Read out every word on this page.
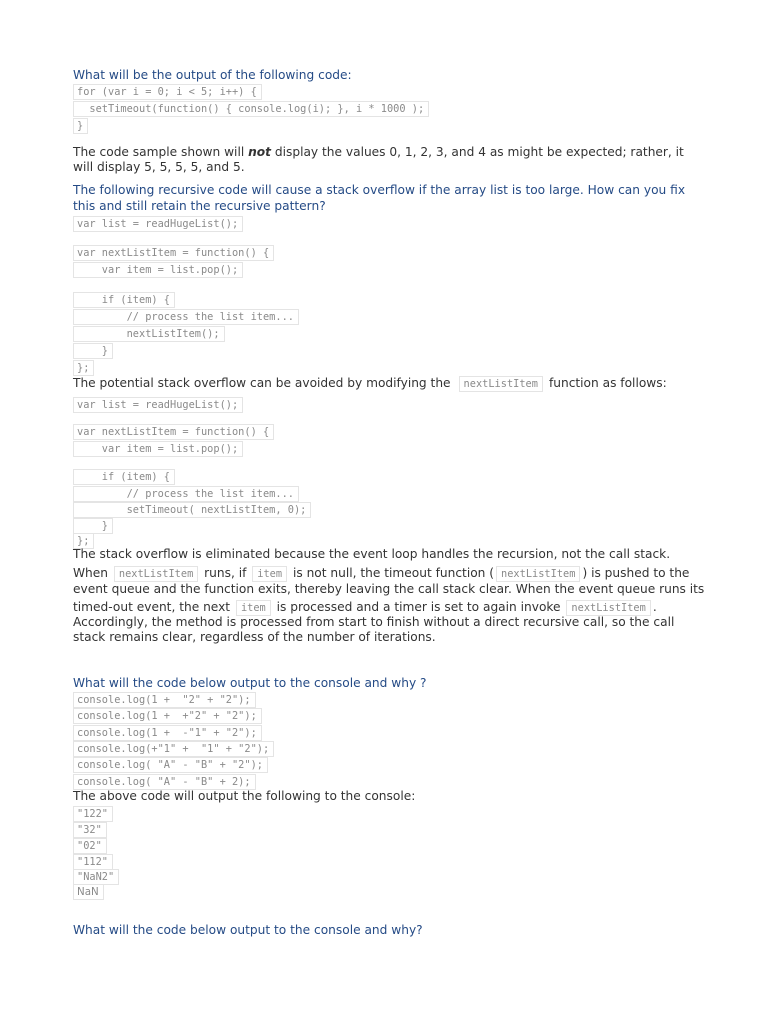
What will be the output of the following code:
for (var i = 0; i < 5; i++) {
setTimeout(function() { console.log(i); }, i * 1000 );
}
The code sample shown will not display the values 0, 1, 2, 3, and 4 as might be expected; rather, it will display 5, 5, 5, 5, and 5.
The following recursive code will cause a stack overflow if the array list is too large. How can you fix this and still retain the recursive pattern?
var list = readHugeList();
var nextListItem = function() {
var item = list.pop();
if (item) {
// process the list item...
nextListItem();
}
};
The potential stack overflow can be avoided by modifying the nextListItem function as follows:
var list = readHugeList();
var nextListItem = function() {
var item = list.pop();
if (item) {
// process the list item...
setTimeout( nextListItem, 0);
}
};
The stack overflow is eliminated because the event loop handles the recursion, not the call stack.
When nextListItem runs, if item is not null, the timeout function ( nextListItem ) is pushed to the
event queue and the function exits, thereby leaving the call stack clear. When the event queue runs its
timed-out event, the next item is processed and a timer is set to again invoke nextListItem .
Accordingly, the method is processed from start to finish without a direct recursive call, so the call stack remains clear, regardless of the number of iterations.
What will the code below output to the console and why ?
console.log(1 +  "2" + "2");
console.log(1 +  +"2" + "2");
console.log(1 +  -"1" + "2");
console.log(+"1" +  "1" + "2");
console.log( "A" - "B" + "2");
console.log( "A" - "B" + 2);
The above code will output the following to the console:
"122"
"32"
"02"
"112"
"NaN2"
NaN
What will the code below output to the console and why?
